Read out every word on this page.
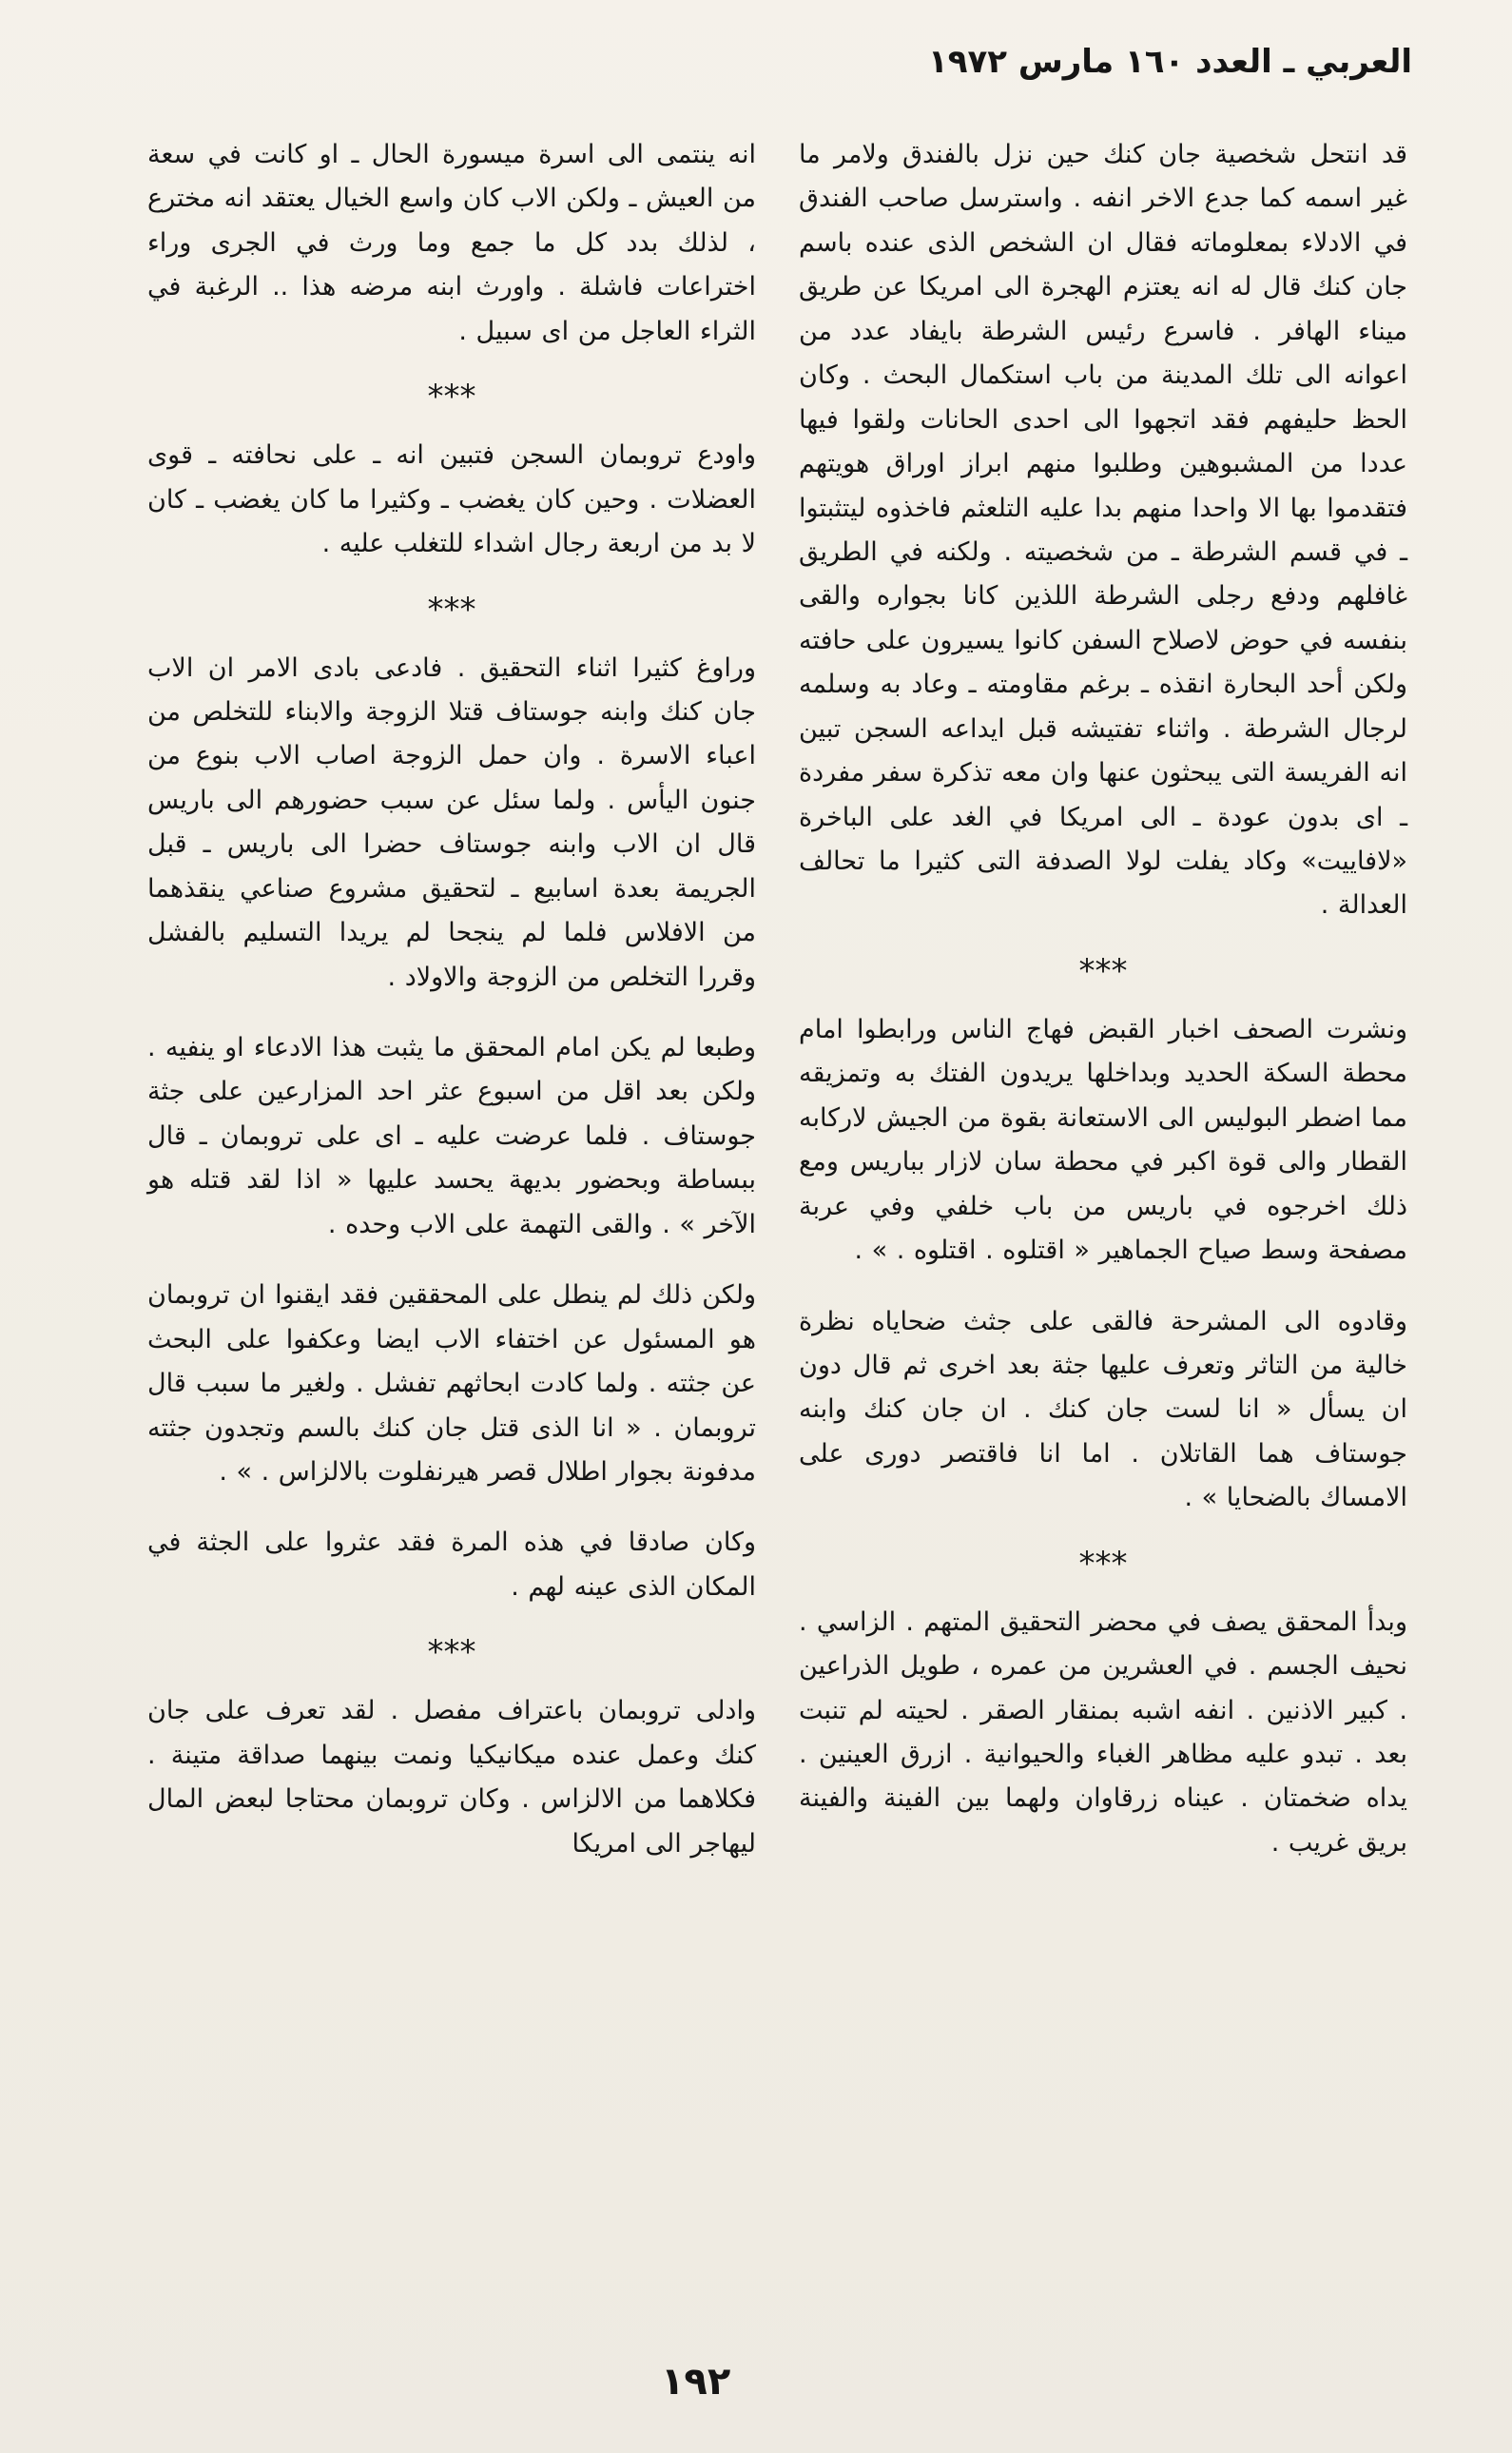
العربي ـ العدد ١٦٠ مارس ١٩٧٢

قد انتحل شخصية جان كنك حين نزل بالفندق ولامر ما غير اسمه كما جدع الاخر انفه . واسترسل صاحب الفندق في الادلاء بمعلوماته فقال ان الشخص الذى عنده باسم جان كنك قال له انه يعتزم الهجرة الى امريكا عن طريق ميناء الهافر . فاسرع رئيس الشرطة بايفاد عدد من اعوانه الى تلك المدينة من باب استكمال البحث . وكان الحظ حليفهم فقد اتجهوا الى احدى الحانات ولقوا فيها عددا من المشبوهين وطلبوا منهم ابراز اوراق هويتهم فتقدموا بها الا واحدا منهم بدا عليه التلعثم فاخذوه ليتثبتوا ـ في قسم الشرطة ـ من شخصيته . ولكنه في الطريق غافلهم ودفع رجلى الشرطة اللذين كانا بجواره والقى بنفسه في حوض لاصلاح السفن كانوا يسيرون على حافته ولكن أحد البحارة انقذه ـ برغم مقاومته ـ وعاد به وسلمه لرجال الشرطة . واثناء تفتيشه قبل ايداعه السجن تبين انه الفريسة التى يبحثون عنها وان معه تذكرة سفر مفردة ـ اى بدون عودة ـ الى امريكا في الغد على الباخرة «لافاييت» وكاد يفلت لولا الصدفة التى كثيرا ما تحالف العدالة .

***

ونشرت الصحف اخبار القبض فهاج الناس ورابطوا امام محطة السكة الحديد وبداخلها يريدون الفتك به وتمزيقه مما اضطر البوليس الى الاستعانة بقوة من الجيش لاركابه القطار والى قوة اكبر في محطة سان لازار بباريس ومع ذلك اخرجوه في باريس من باب خلفي وفي عربة مصفحة وسط صياح الجماهير « اقتلوه . اقتلوه . » .

وقادوه الى المشرحة فالقى على جثث ضحاياه نظرة خالية من التاثر وتعرف عليها جثة بعد اخرى ثم قال دون ان يسأل « انا لست جان كنك . ان جان كنك وابنه جوستاف هما القاتلان . اما انا فاقتصر دورى على الامساك بالضحايا » .

***

وبدأ المحقق يصف في محضر التحقيق المتهم . الزاسي . نحيف الجسم . في العشرين من عمره ، طويل الذراعين . كبير الاذنين . انفه اشبه بمنقار الصقر . لحيته لم تنبت بعد . تبدو عليه مظاهر الغباء والحيوانية . ازرق العينين . يداه ضخمتان . عيناه زرقاوان ولهما بين الفينة والفينة بريق غريب .

انه ينتمى الى اسرة ميسورة الحال ـ او كانت في سعة من العيش ـ ولكن الاب كان واسع الخيال يعتقد انه مخترع ، لذلك بدد كل ما جمع وما ورث في الجرى وراء اختراعات فاشلة . واورث ابنه مرضه هذا .. الرغبة في الثراء العاجل من اى سبيل .

***

واودع تروبمان السجن فتبين انه ـ على نحافته ـ قوى العضلات . وحين كان يغضب ـ وكثيرا ما كان يغضب ـ كان لا بد من اربعة رجال اشداء للتغلب عليه .

***

وراوغ كثيرا اثناء التحقيق . فادعى بادى الامر ان الاب جان كنك وابنه جوستاف قتلا الزوجة والابناء للتخلص من اعباء الاسرة . وان حمل الزوجة اصاب الاب بنوع من جنون اليأس . ولما سئل عن سبب حضورهم الى باريس قال ان الاب وابنه جوستاف حضرا الى باريس ـ قبل الجريمة بعدة اسابيع ـ لتحقيق مشروع صناعي ينقذهما من الافلاس فلما لم ينجحا لم يريدا التسليم بالفشل وقررا التخلص من الزوجة والاولاد .

وطبعا لم يكن امام المحقق ما يثبت هذا الادعاء او ينفيه . ولكن بعد اقل من اسبوع عثر احد المزارعين على جثة جوستاف . فلما عرضت عليه ـ اى على تروبمان ـ قال ببساطة وبحضور بديهة يحسد عليها « اذا لقد قتله هو الآخر » . والقى التهمة على الاب وحده .

ولكن ذلك لم ينطل على المحققين فقد ايقنوا ان تروبمان هو المسئول عن اختفاء الاب ايضا وعكفوا على البحث عن جثته . ولما كادت ابحاثهم تفشل . ولغير ما سبب قال تروبمان . « انا الذى قتل جان كنك بالسم وتجدون جثته مدفونة بجوار اطلال قصر هيرنفلوت بالالزاس . » .

وكان صادقا في هذه المرة فقد عثروا على الجثة في المكان الذى عينه لهم .

***

وادلى تروبمان باعتراف مفصل . لقد تعرف على جان كنك وعمل عنده ميكانيكيا ونمت بينهما صداقة متينة . فكلاهما من الالزاس . وكان تروبمان محتاجا لبعض المال ليهاجر الى امريكا

١٩٢
